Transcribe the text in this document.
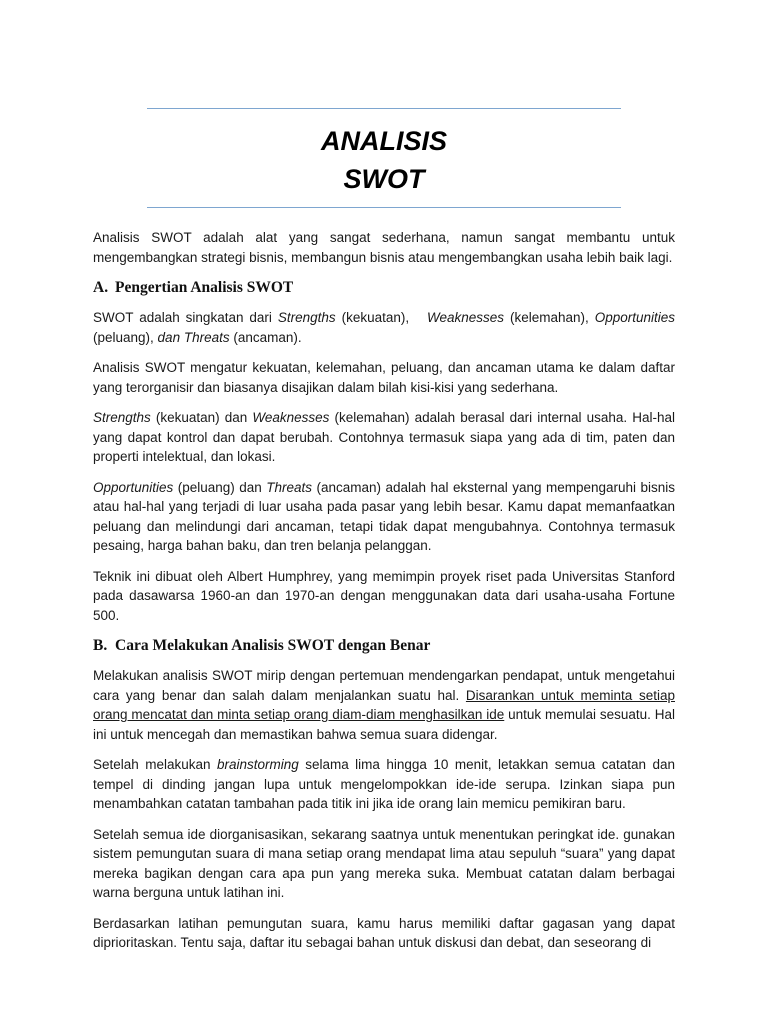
ANALISIS
SWOT

Analisis SWOT adalah alat yang sangat sederhana, namun sangat membantu untuk mengembangkan strategi bisnis, membangun bisnis atau mengembangkan usaha lebih baik lagi.

A. Pengertian Analisis SWOT

SWOT adalah singkatan dari Strengths (kekuatan),   Weaknesses (kelemahan), Opportunities (peluang), dan Threats (ancaman).

Analisis SWOT mengatur kekuatan, kelemahan, peluang, dan ancaman utama ke dalam daftar yang terorganisir dan biasanya disajikan dalam bilah kisi-kisi yang sederhana.

Strengths (kekuatan) dan Weaknesses (kelemahan) adalah berasal dari internal usaha. Hal-hal yang dapat kontrol dan dapat berubah. Contohnya termasuk siapa yang ada di tim, paten dan properti intelektual, dan lokasi.

Opportunities (peluang) dan Threats (ancaman) adalah hal eksternal yang mempengaruhi bisnis atau hal-hal yang terjadi di luar usaha pada pasar yang lebih besar. Kamu dapat memanfaatkan peluang dan melindungi dari ancaman, tetapi tidak dapat mengubahnya. Contohnya termasuk pesaing, harga bahan baku, dan tren belanja pelanggan.

Teknik ini dibuat oleh Albert Humphrey, yang memimpin proyek riset pada Universitas Stanford pada dasawarsa 1960-an dan 1970-an dengan menggunakan data dari usaha-usaha Fortune 500.

B. Cara Melakukan Analisis SWOT dengan Benar

Melakukan analisis SWOT mirip dengan pertemuan mendengarkan pendapat, untuk mengetahui cara yang benar dan salah dalam menjalankan suatu hal. Disarankan untuk meminta setiap orang mencatat dan minta setiap orang diam-diam menghasilkan ide untuk memulai sesuatu. Hal ini untuk mencegah dan memastikan bahwa semua suara didengar.

Setelah melakukan brainstorming selama lima hingga 10 menit, letakkan semua catatan dan tempel di dinding jangan lupa untuk mengelompokkan ide-ide serupa. Izinkan siapa pun menambahkan catatan tambahan pada titik ini jika ide orang lain memicu pemikiran baru.

Setelah semua ide diorganisasikan, sekarang saatnya untuk menentukan peringkat ide. gunakan sistem pemungutan suara di mana setiap orang mendapat lima atau sepuluh “suara” yang dapat mereka bagikan dengan cara apa pun yang mereka suka. Membuat catatan dalam berbagai warna berguna untuk latihan ini.

Berdasarkan latihan pemungutan suara, kamu harus memiliki daftar gagasan yang dapat diprioritaskan. Tentu saja, daftar itu sebagai bahan untuk diskusi dan debat, dan seseorang di
